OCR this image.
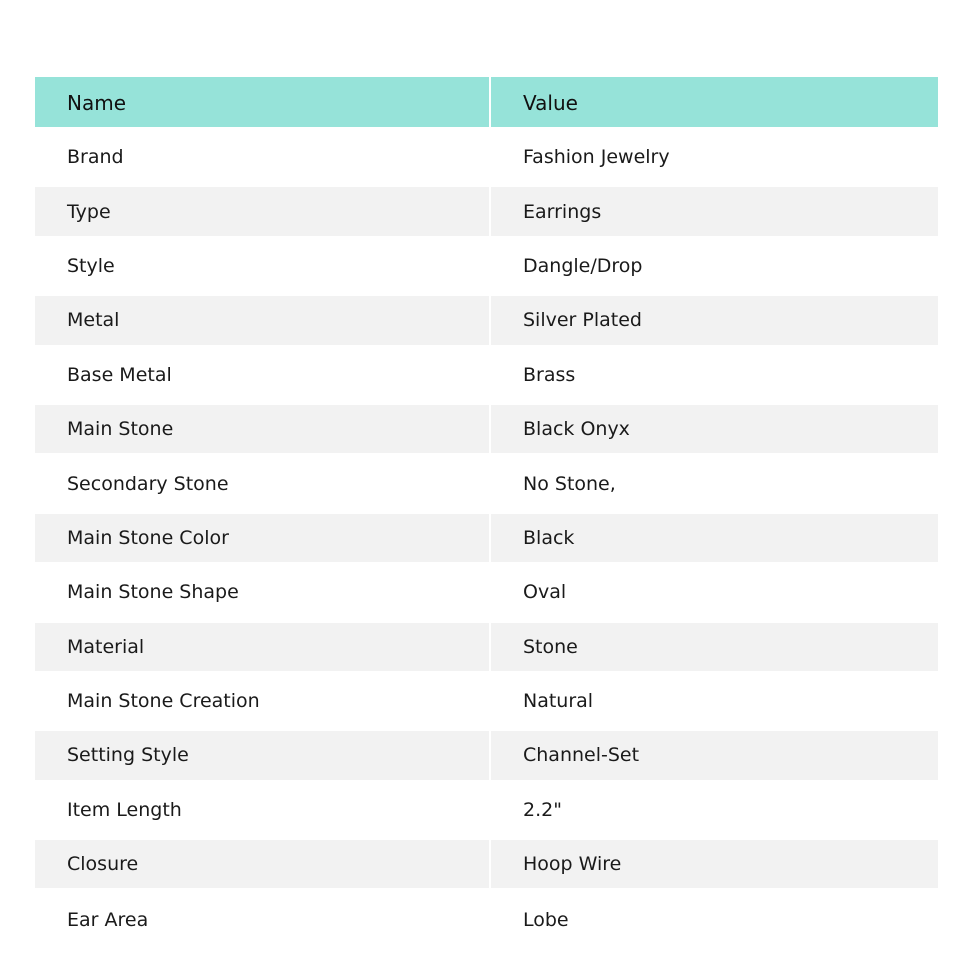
Name	Value
Brand	Fashion Jewelry
Type	Earrings
Style	Dangle/Drop
Metal	Silver Plated
Base Metal	Brass
Main Stone	Black Onyx
Secondary Stone	No Stone,
Main Stone Color	Black
Main Stone Shape	Oval
Material	Stone
Main Stone Creation	Natural
Setting Style	Channel-Set
Item Length	2.2"
Closure	Hoop Wire
Ear Area	Lobe
